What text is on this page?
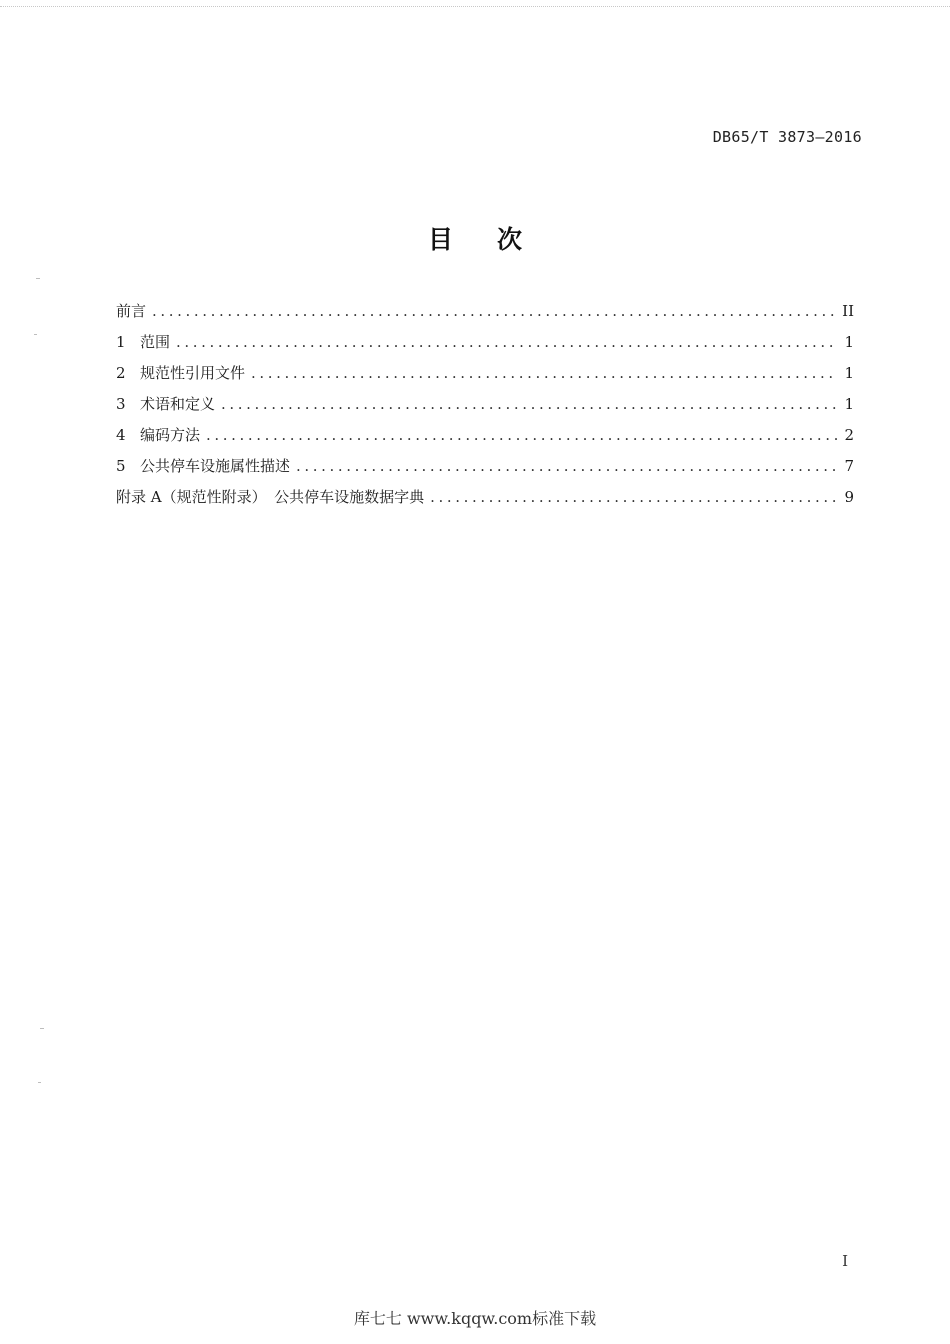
DB65/T 3873—2016
目次
前言 .....	II
1 范围 .....	1
2 规范性引用文件 .....	1
3 术语和定义 .....	1
4 编码方法 .....	2
5 公共停车设施属性描述 .....	7
附录 A（规范性附录）　公共停车设施数据字典 .....	9
I
库七七 www.kqqw.com标准下载
